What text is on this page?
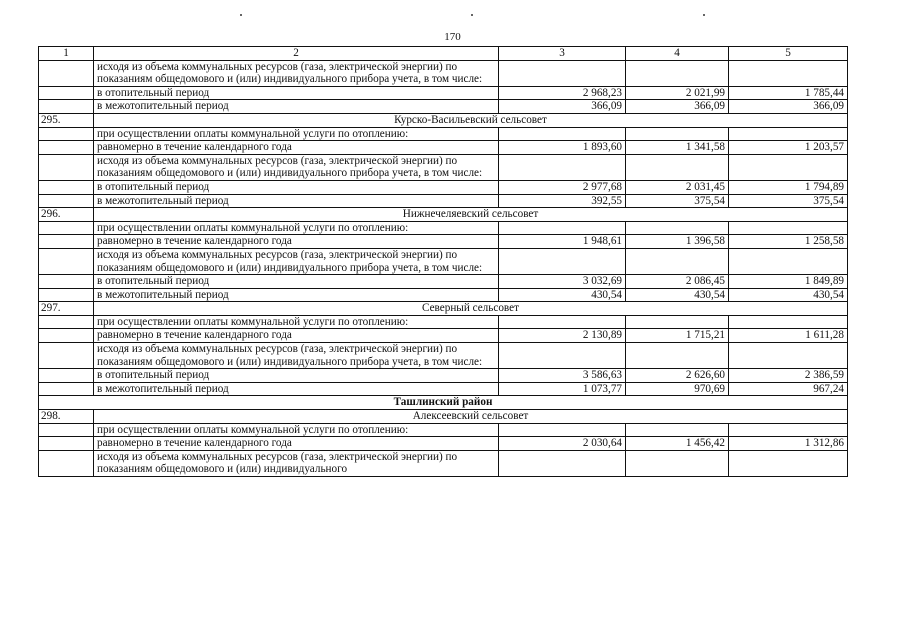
170
1	2	3	4	5
	исходя из объема коммунальных ресурсов (газа, электрической энергии) по показаниям общедомового и (или) индивидуального прибора учета, в том числе:			
	в отопительный период	2 968,23	2 021,99	1 785,44
	в межотопительный период	366,09	366,09	366,09
295.	Курско-Васильевский сельсовет			
	при осуществлении оплаты коммунальной услуги по отоплению:			
	равномерно в течение календарного года	1 893,60	1 341,58	1 203,57
	исходя из объема коммунальных ресурсов (газа, электрической энергии) по показаниям общедомового и (или) индивидуального прибора учета, в том числе:			
	в отопительный период	2 977,68	2 031,45	1 794,89
	в межотопительный период	392,55	375,54	375,54
296.	Нижнечеляевский сельсовет			
	при осуществлении оплаты коммунальной услуги по отоплению:			
	равномерно в течение календарного года	1 948,61	1 396,58	1 258,58
	исходя из объема коммунальных ресурсов (газа, электрической энергии) по показаниям общедомового и (или) индивидуального прибора учета, в том числе:			
	в отопительный период	3 032,69	2 086,45	1 849,89
	в межотопительный период	430,54	430,54	430,54
297.	Северный сельсовет			
	при осуществлении оплаты коммунальной услуги по отоплению:			
	равномерно в течение календарного года	2 130,89	1 715,21	1 611,28
	исходя из объема коммунальных ресурсов (газа, электрической энергии) по показаниям общедомового и (или) индивидуального прибора учета, в том числе:			
	в отопительный период	3 586,63	2 626,60	2 386,59
	в межотопительный период	1 073,77	970,69	967,24
Ташлинский район				
298.	Алексеевский сельсовет			
	при осуществлении оплаты коммунальной услуги по отоплению:			
	равномерно в течение календарного года	2 030,64	1 456,42	1 312,86
	исходя из объема коммунальных ресурсов (газа, электрической энергии) по показаниям общедомового и (или) индивидуального			
